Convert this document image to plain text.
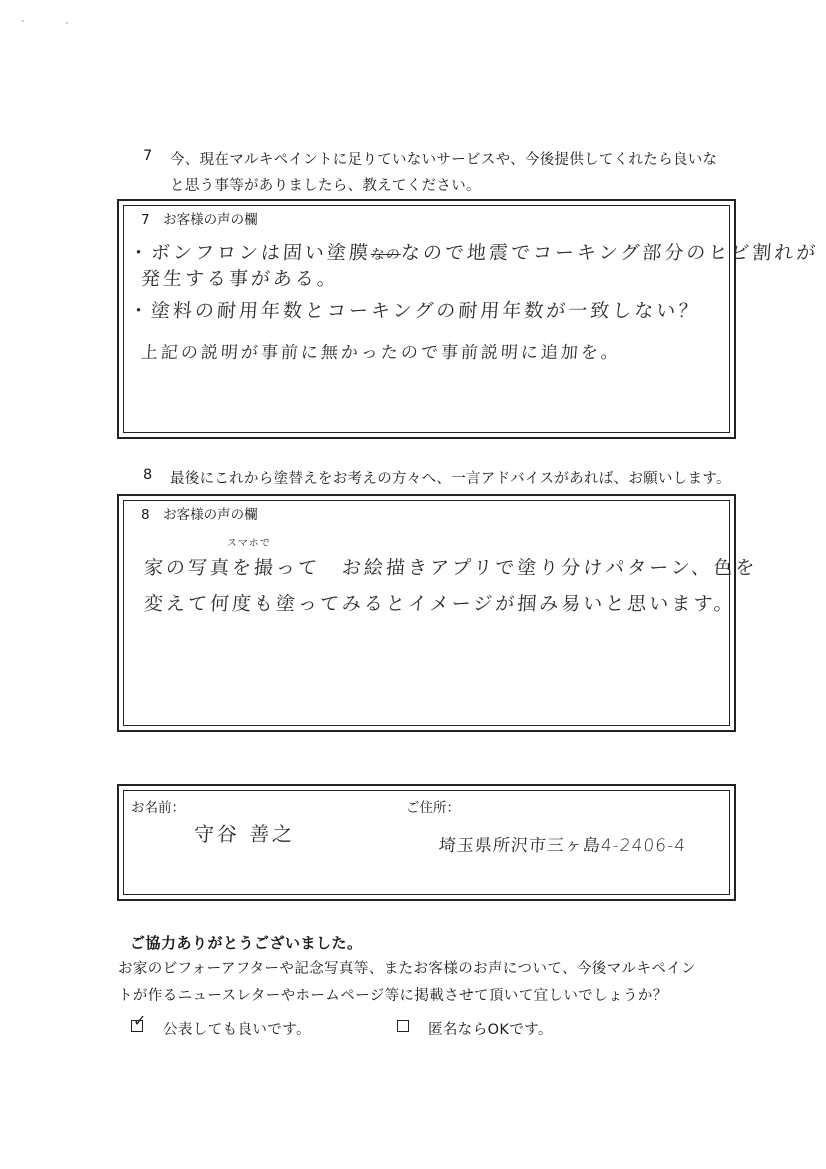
7 今、現在マルキペイントに足りていないサービスや、今後提供してくれたら良いな
と思う事等がありましたら、教えてください。
7　お客様の声の欄
・ボンフロンは固い塗膜なのなので地震でコーキング部分のヒビ割れが
発生する事がある。
・塗料の耐用年数とコーキングの耐用年数が一致しない？
上記の説明が事前に無かったので事前説明に追加を。
8 最後にこれから塗替えをお考えの方々へ、一言アドバイスがあれば、お願いします。
8　お客様の声の欄
スマホで
家の写真を撮って　お絵描きアプリで塗り分けパターン、色を
変えて何度も塗ってみるとイメージが掴み易いと思います。
お名前：
守谷 善之
ご住所：
埼玉県所沢市三ヶ島4-2406-4
ご協力ありがとうございました。
お家のビフォーアフターや記念写真等、またお客様のお声について、今後マルキペイン
トが作るニュースレターやホームページ等に掲載させて頂いて宜しいでしょうか？
✓ 公表しても良いです。	匿名ならOKです。
